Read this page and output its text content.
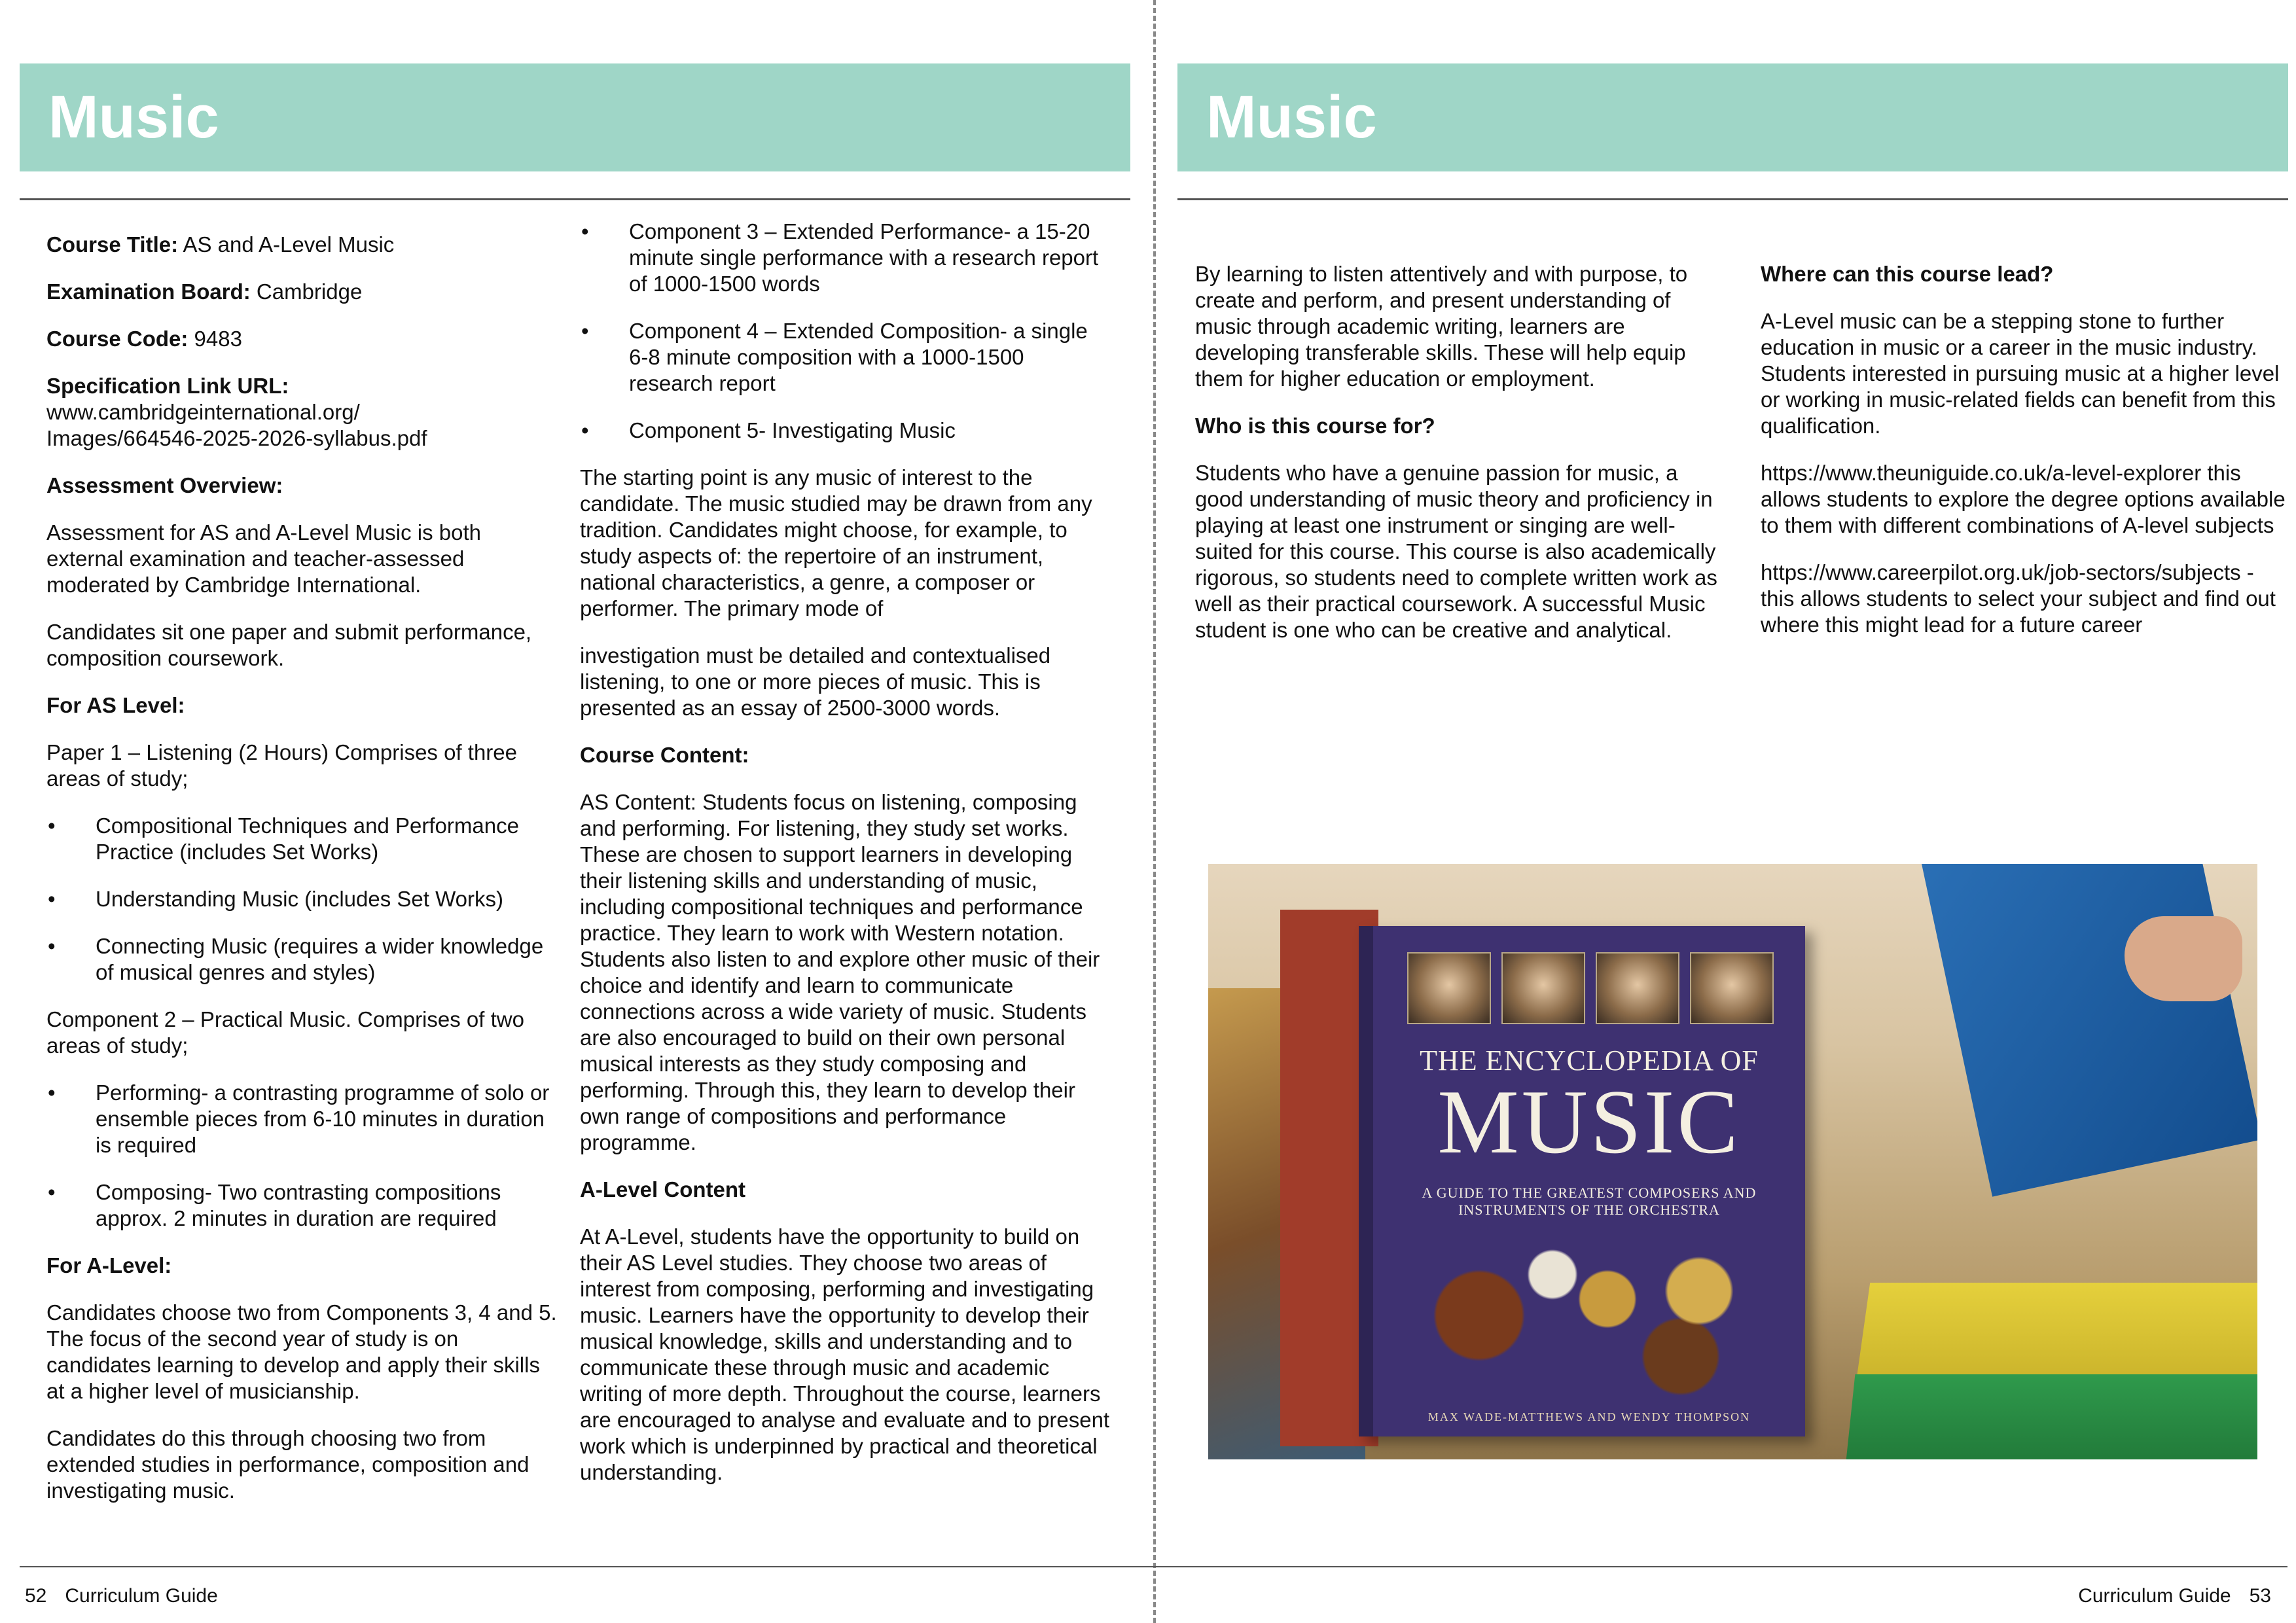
Music

Course Title: AS and A-Level Music

Examination Board: Cambridge

Course Code: 9483

Specification Link URL:
www.cambridgeinternational.org/
Images/664546-2025-2026-syllabus.pdf

Assessment Overview:

Assessment for AS and A-Level Music is both external examination and teacher-assessed moderated by Cambridge International.

Candidates sit one paper and submit performance, composition coursework.

For AS Level:

Paper 1 – Listening (2 Hours) Comprises of three areas of study;

• Compositional Techniques and Performance Practice (includes Set Works)
• Understanding Music (includes Set Works)
• Connecting Music (requires a wider knowledge of musical genres and styles)

Component 2 – Practical Music. Comprises of two areas of study;

• Performing- a contrasting programme of solo or ensemble pieces from 6-10 minutes in duration is required
• Composing- Two contrasting compositions approx. 2 minutes in duration are required

For A-Level:

Candidates choose two from Components 3, 4 and 5. The focus of the second year of study is on candidates learning to develop and apply their skills at a higher level of musicianship.

Candidates do this through choosing two from extended studies in performance, composition and investigating music.

• Component 3 – Extended Performance- a 15-20 minute single performance with a research report of 1000-1500 words
• Component 4 – Extended Composition- a single 6-8 minute composition with a 1000-1500 research report
• Component 5- Investigating Music

The starting point is any music of interest to the candidate. The music studied may be drawn from any tradition. Candidates might choose, for example, to study aspects of: the repertoire of an instrument, national characteristics, a genre, a composer or performer. The primary mode of

investigation must be detailed and contextualised listening, to one or more pieces of music. This is presented as an essay of 2500-3000 words.

Course Content:

AS Content: Students focus on listening, composing and performing. For listening, they study set works. These are chosen to support learners in developing their listening skills and understanding of music, including compositional techniques and performance practice. They learn to work with Western notation. Students also listen to and explore other music of their choice and identify and learn to communicate connections across a wide variety of music. Students are also encouraged to build on their own personal musical interests as they study composing and performing. Through this, they learn to develop their own range of compositions and performance programme.

A-Level Content

At A-Level, students have the opportunity to build on their AS Level studies. They choose two areas of interest from composing, performing and investigating music. Learners have the opportunity to develop their musical knowledge, skills and understanding and to communicate these through music and academic writing of more depth. Throughout the course, learners are encouraged to analyse and evaluate and to present work which is underpinned by practical and theoretical understanding.

52 Curriculum Guide
Music

By learning to listen attentively and with purpose, to create and perform, and present understanding of music through academic writing, learners are developing transferable skills. These will help equip them for higher education or employment.

Who is this course for?

Students who have a genuine passion for music, a good understanding of music theory and proficiency in playing at least one instrument or singing are well-suited for this course. This course is also academically rigorous, so students need to complete written work as well as their practical coursework. A successful Music student is one who can be creative and analytical.

Where can this course lead?

A-Level music can be a stepping stone to further education in music or a career in the music industry. Students interested in pursuing music at a higher level or working in music-related fields can benefit from this qualification.

https://www.theuniguide.co.uk/a-level-explorer this allows students to explore the degree options available to them with different combinations of A-level subjects

https://www.careerpilot.org.uk/job-sectors/subjects - this allows students to select your subject and find out where this might lead for a future career

THE ENCYCLOPEDIA OF
MUSIC
A GUIDE TO THE GREATEST COMPOSERS AND INSTRUMENTS OF THE ORCHESTRA
MAX WADE-MATTHEWS AND WENDY THOMPSON
Curriculum Guide 53
